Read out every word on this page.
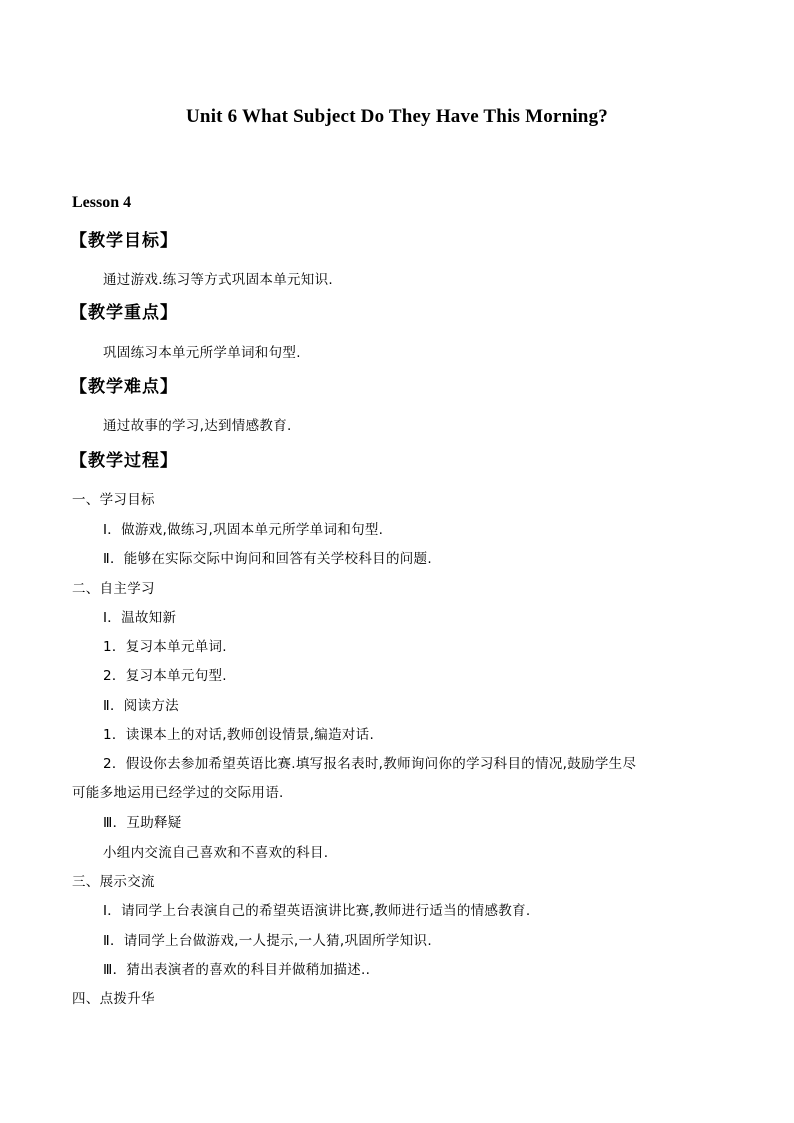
Unit 6 What Subject Do They Have This Morning?
Lesson 4
【教学目标】
通过游戏.练习等方式巩固本单元知识.
【教学重点】
巩固练习本单元所学单词和句型.
【教学难点】
通过故事的学习,达到情感教育.
【教学过程】
一、学习目标
Ⅰ．做游戏,做练习,巩固本单元所学单词和句型.
Ⅱ．能够在实际交际中询问和回答有关学校科目的问题.
二、自主学习
Ⅰ．温故知新
1．复习本单元单词.
2．复习本单元句型.
Ⅱ．阅读方法
1．读课本上的对话,教师创设情景,编造对话.
2．假设你去参加希望英语比赛.填写报名表时,教师询问你的学习科目的情况,鼓励学生尽
可能多地运用已经学过的交际用语.
Ⅲ．互助释疑
小组内交流自己喜欢和不喜欢的科目.
三、展示交流
Ⅰ．请同学上台表演自己的希望英语演讲比赛,教师进行适当的情感教育.
Ⅱ．请同学上台做游戏,一人提示,一人猜,巩固所学知识.
Ⅲ．猜出表演者的喜欢的科目并做稍加描述..
四、点拨升华
